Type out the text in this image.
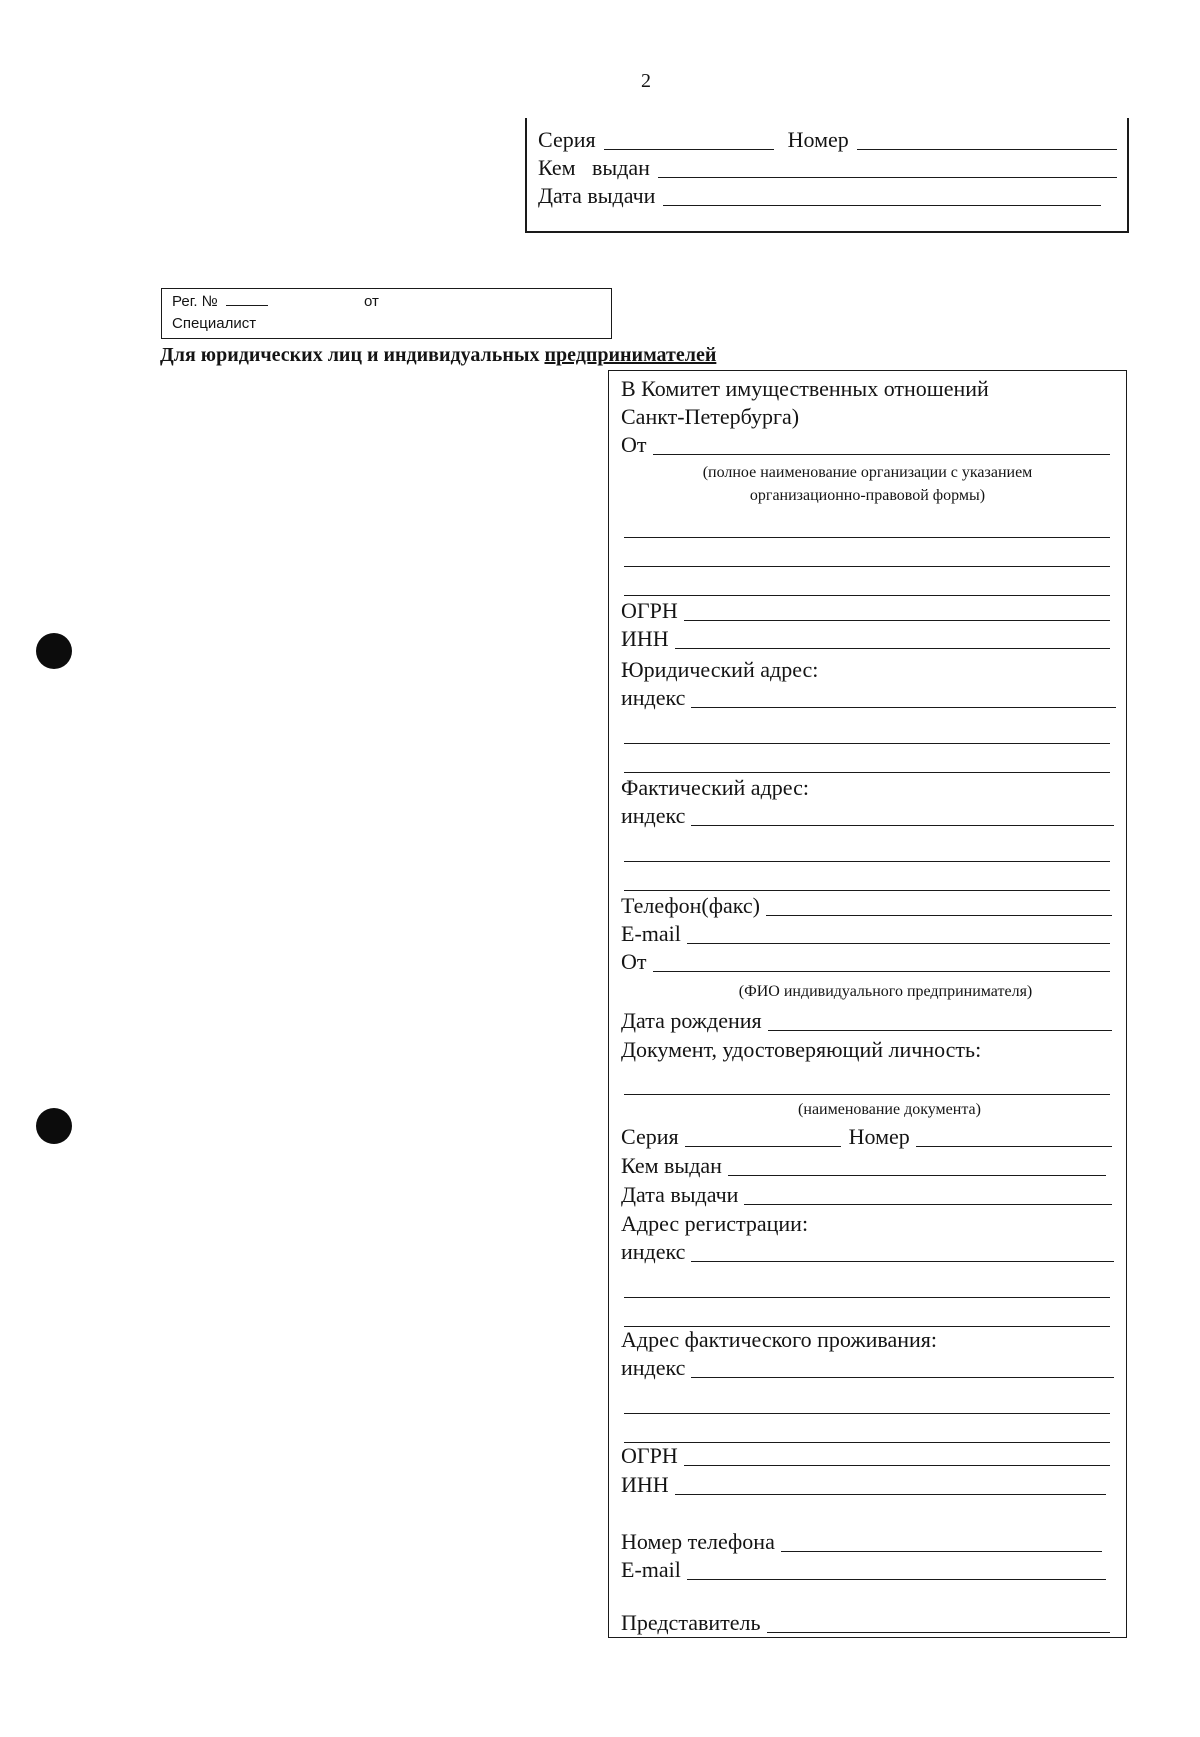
2
Серия	Номер
Кем   выдан
Дата выдачи
Рег. №	от
Специалист
Для юридических лиц и индивидуальных предпринимателей
В Комитет имущественных отношений
Санкт-Петербурга)
От
(полное наименование организации с указанием
организационно-правовой формы)
ОГРН
ИНН
Юридический адрес:
индекс
Фактический адрес:
индекс
Телефон(факс)
E-mail
От
(ФИО индивидуального предпринимателя)
Дата рождения
Документ, удостоверяющий личность:
(наименование документа)
Серия	Номер
Кем выдан
Дата выдачи
Адрес регистрации:
индекс
Адрес фактического проживания:
индекс
ОГРН
ИНН
Номер телефона
E-mail
Представитель
